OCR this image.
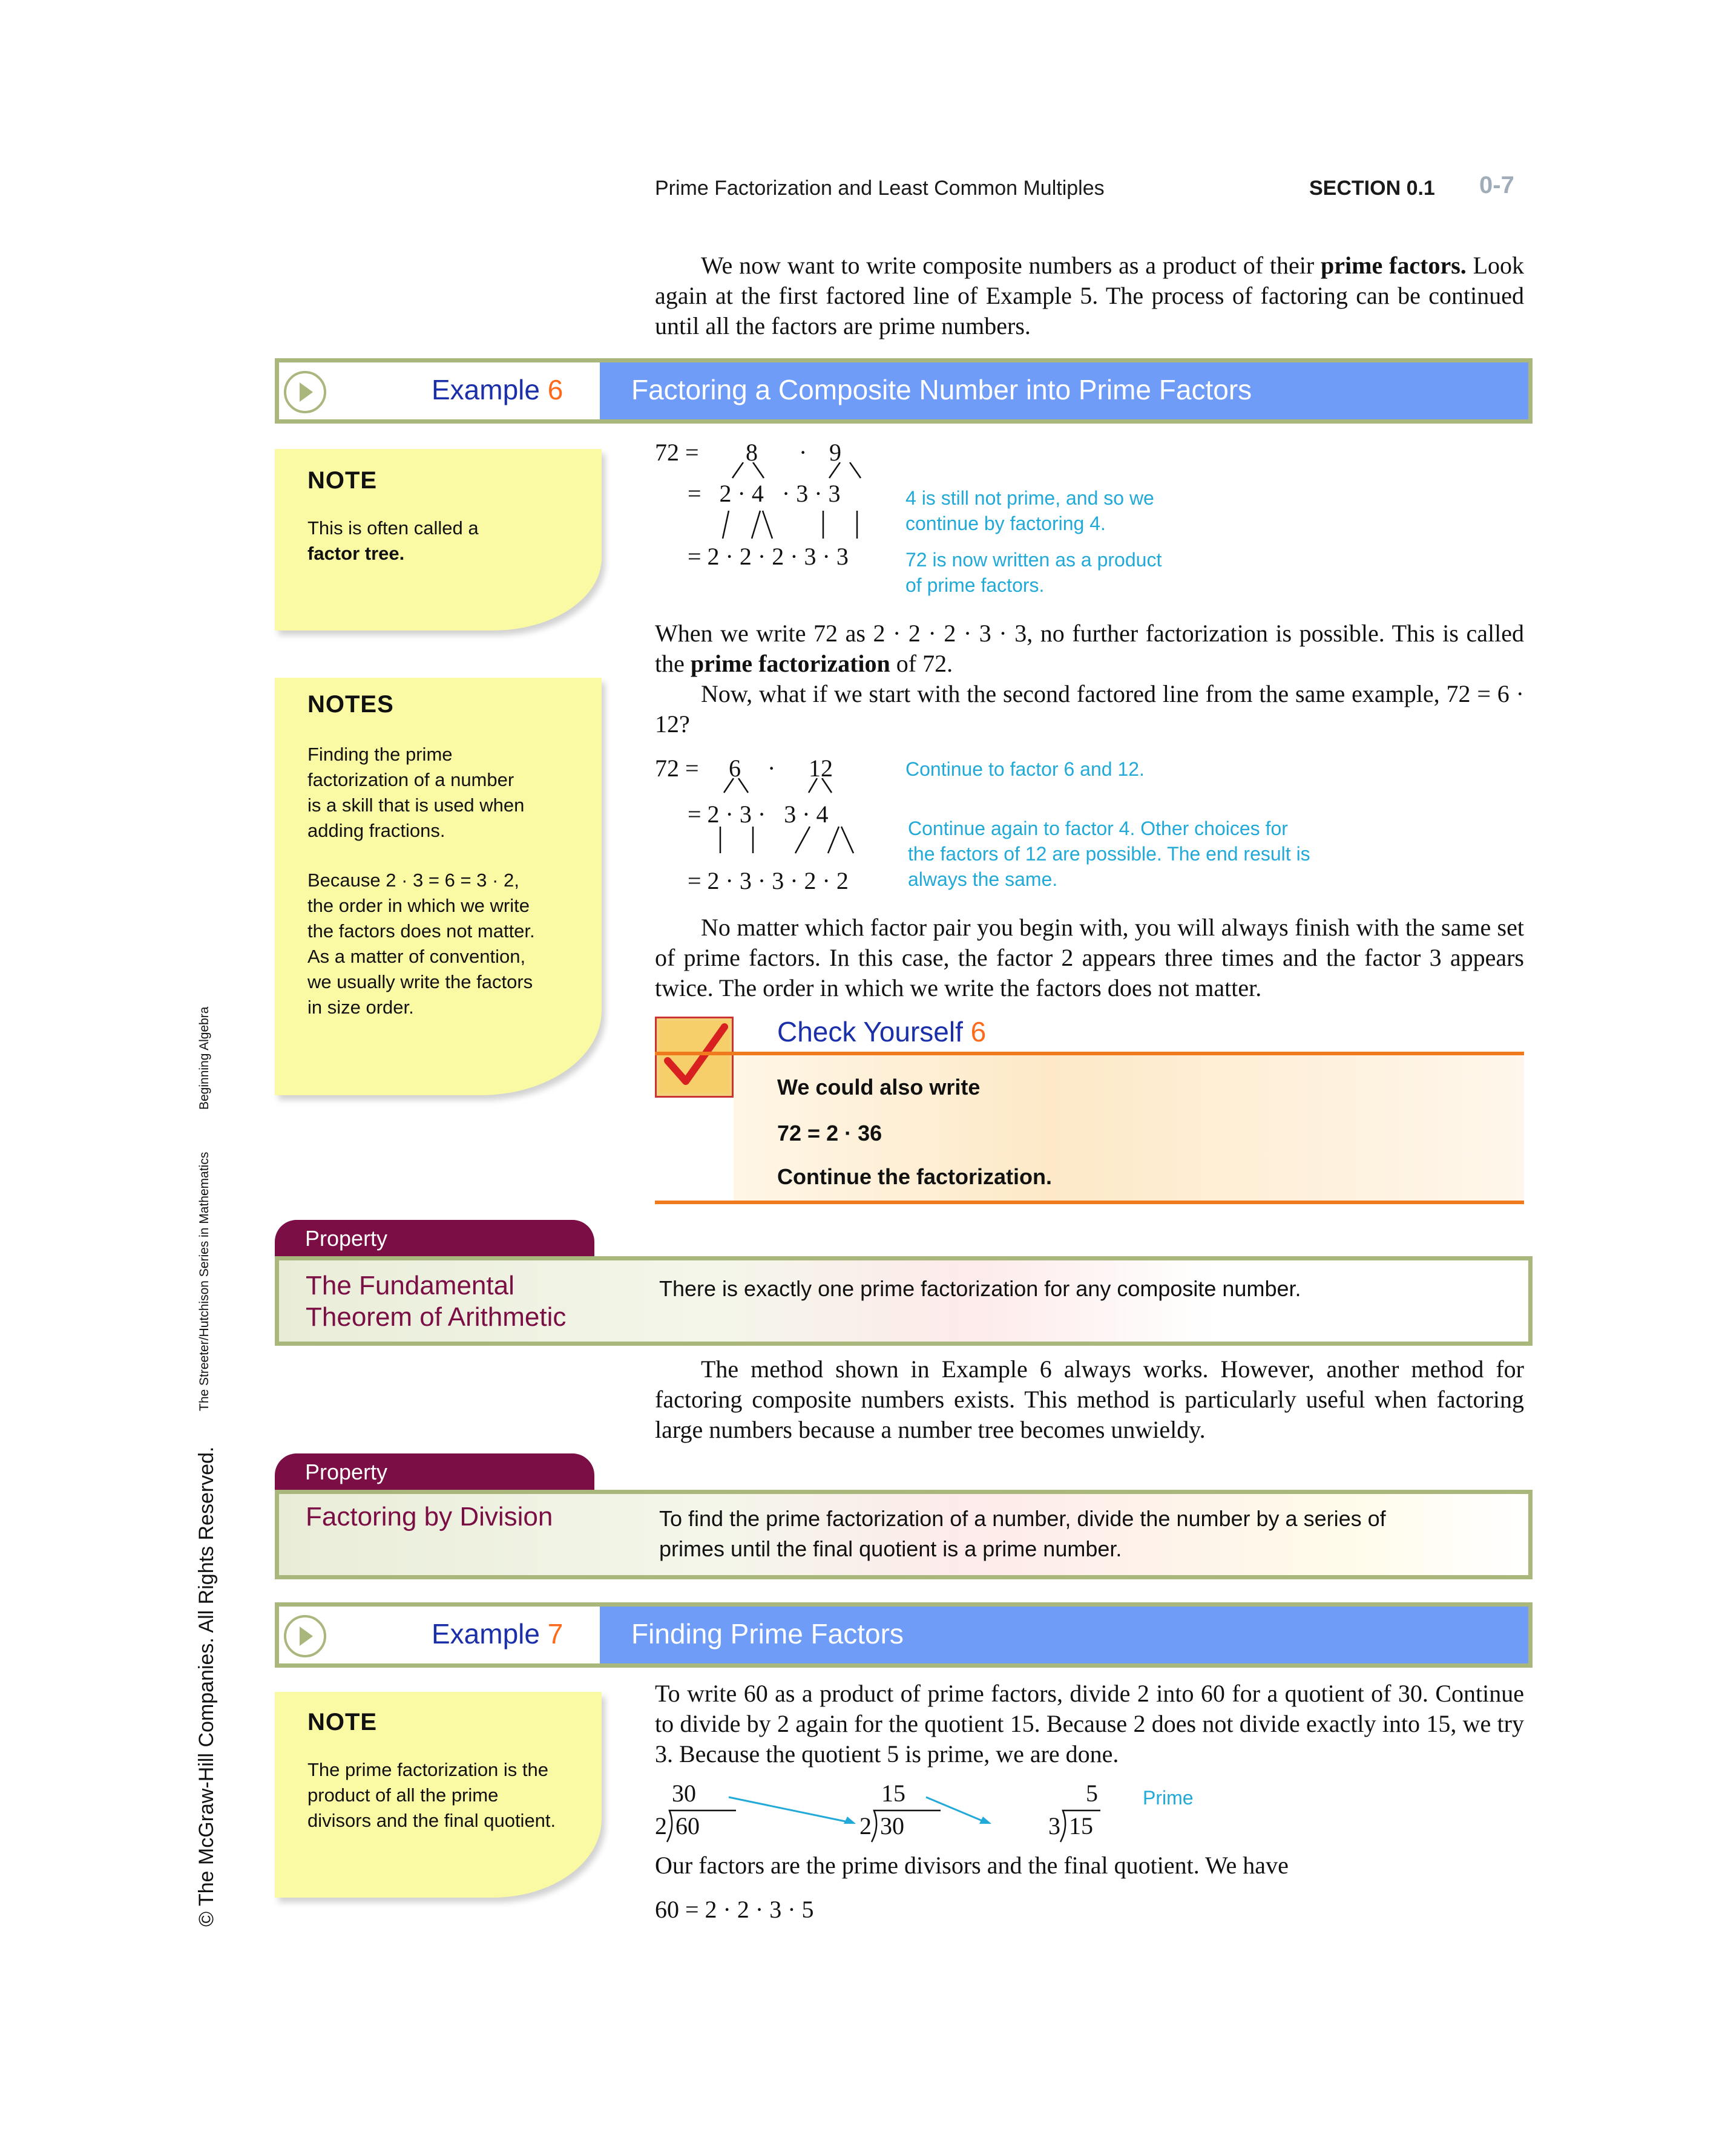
Prime Factorization and Least Common Multiples	SECTION 0.1 0-7
We now want to write composite numbers as a product of their prime factors. Look again at the first factored line of Example 5. The process of factoring can be continued until all the factors are prime numbers.
Example 6 Factoring a Composite Number into Prime Factors
NOTE
This is often called a
factor tree.
72 = 8 · 9
=   2 · 4   · 3 · 3
= 2 · 2 · 2 · 3 · 3
4 is still not prime, and so we
continue by factoring 4.
72 is now written as a product
of prime factors.
When we write 72 as 2 · 2 · 2 · 3 · 3, no further factorization is possible. This is called the prime factorization of 72.
Now, what if we start with the second factored line from the same example, 72 = 6 · 12?
NOTES
Finding the prime
factorization of a number
is a skill that is used when
adding fractions.
Because 2 · 3 = 6 = 3 · 2,
the order in which we write
the factors does not matter.
As a matter of convention,
we usually write the factors
in size order.
72 = 6 · 12
= 2 · 3 ·   3 · 4
= 2 · 3 · 3 · 2 · 2
Continue to factor 6 and 12.
Continue again to factor 4. Other choices for
the factors of 12 are possible. The end result is
always the same.
No matter which factor pair you begin with, you will always finish with the same set of prime factors. In this case, the factor 2 appears three times and the factor 3 appears twice. The order in which we write the factors does not matter.
Check Yourself 6
We could also write
72 = 2 · 36
Continue the factorization.
Property
The Fundamental
Theorem of Arithmetic
There is exactly one prime factorization for any composite number.
The method shown in Example 6 always works. However, another method for factoring composite numbers exists. This method is particularly useful when factoring large numbers because a number tree becomes unwieldy.
Property
Factoring by Division	To find the prime factorization of a number, divide the number by a series of
primes until the final quotient is a prime number.
Example 7 Finding Prime Factors
NOTE
The prime factorization is the
product of all the prime
divisors and the final quotient.
To write 60 as a product of prime factors, divide 2 into 60 for a quotient of 30. Continue to divide by 2 again for the quotient 15. Because 2 does not divide exactly into 15, we try 3. Because the quotient 5 is prime, we are done.
30
2 60
15
2 30
5
3 15
Prime
Our factors are the prime divisors and the final quotient. We have
60 = 2 · 2 · 3 · 5
© The McGraw-Hill Companies. All Rights Reserved.
The Streeter/Hutchison Series in Mathematics
Beginning Algebra
